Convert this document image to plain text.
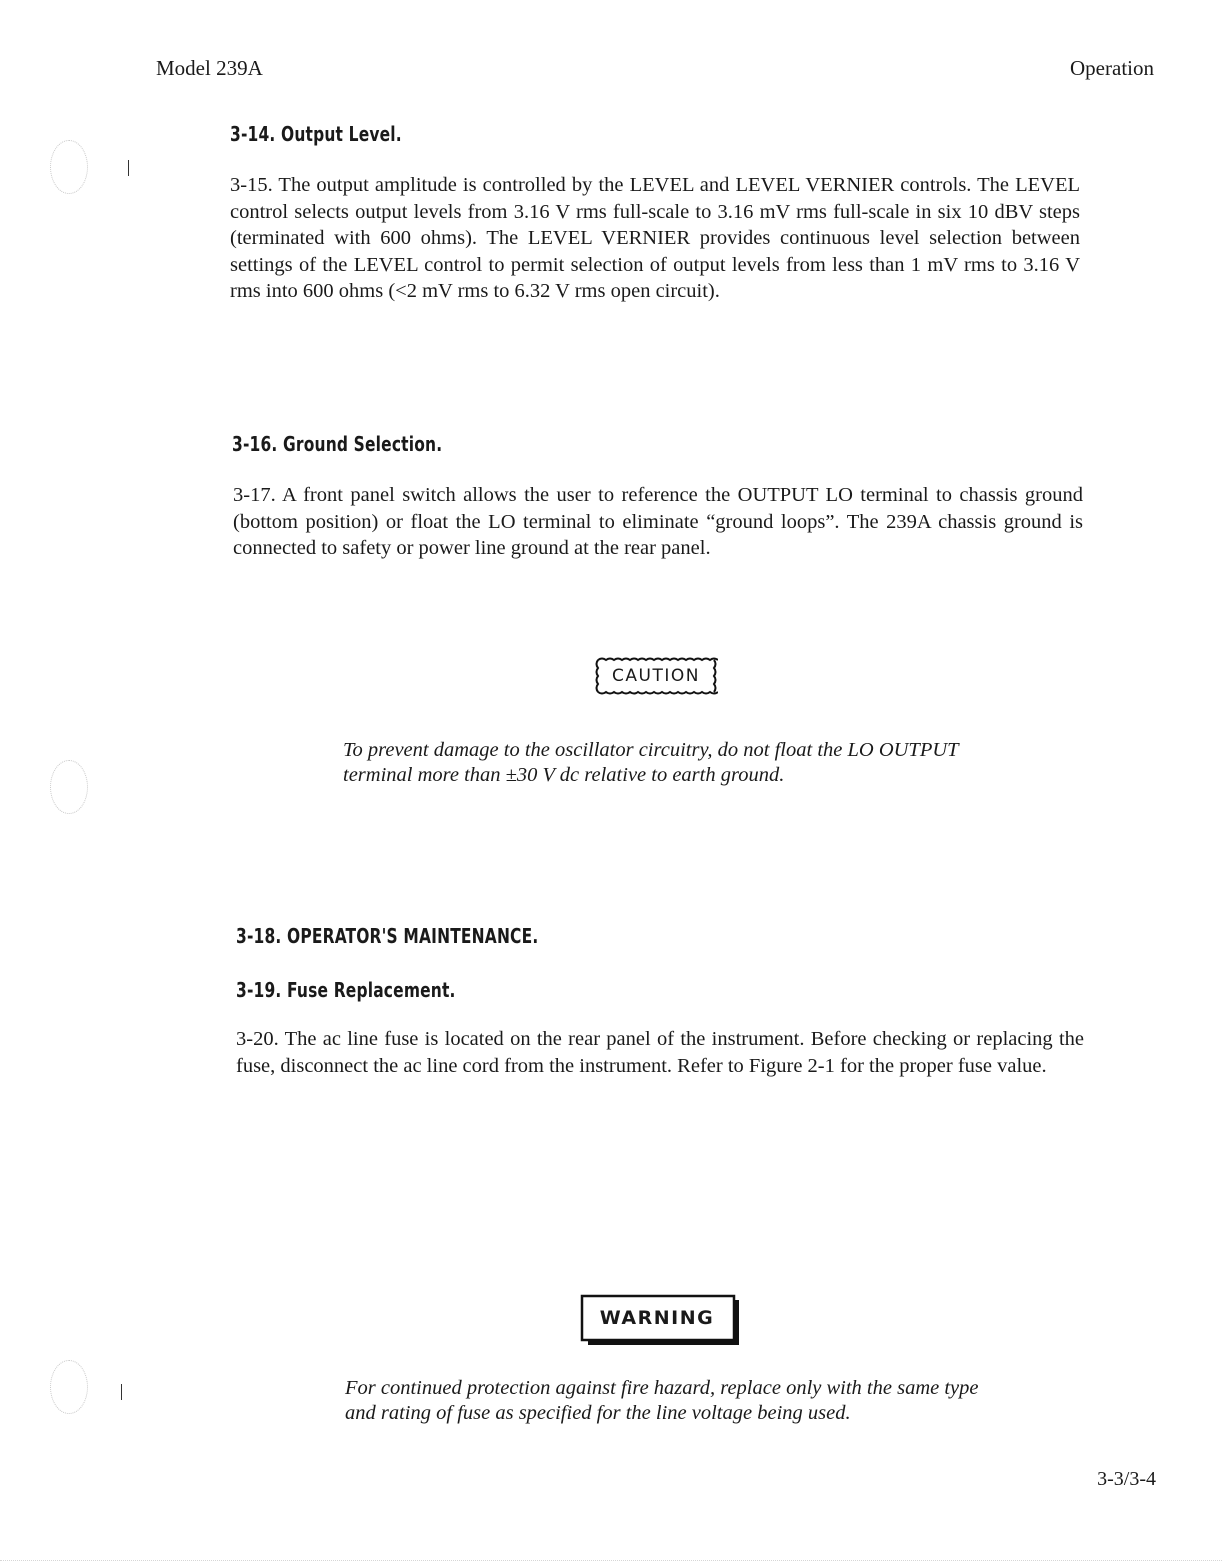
Model 239A	Operation
3-14. Output Level.
3-15. The output amplitude is controlled by the LEVEL and LEVEL VERNIER controls. The LEVEL control selects output levels from 3.16 V rms full-scale to 3.16 mV rms full-scale in six 10 dBV steps (terminated with 600 ohms). The LEVEL VERNIER provides continuous level selection between settings of the LEVEL control to permit selection of output levels from less than 1 mV rms to 3.16 V rms into 600 ohms (<2 mV rms to 6.32 V rms open circuit).
3-16. Ground Selection.
3-17. A front panel switch allows the user to reference the OUTPUT LO terminal to chassis ground (bottom position) or float the LO terminal to eliminate “ground loops”. The 239A chassis ground is connected to safety or power line ground at the rear panel.
CAUTION
To prevent damage to the oscillator circuitry, do not float the LO OUTPUT terminal more than ±30 V dc relative to earth ground.
3-18. OPERATOR'S MAINTENANCE.
3-19. Fuse Replacement.
3-20. The ac line fuse is located on the rear panel of the instrument. Before checking or replacing the fuse, disconnect the ac line cord from the instrument. Refer to Figure 2-1 for the proper fuse value.
WARNING
For continued protection against fire hazard, replace only with the same type and rating of fuse as specified for the line voltage being used.
3-3/3-4
